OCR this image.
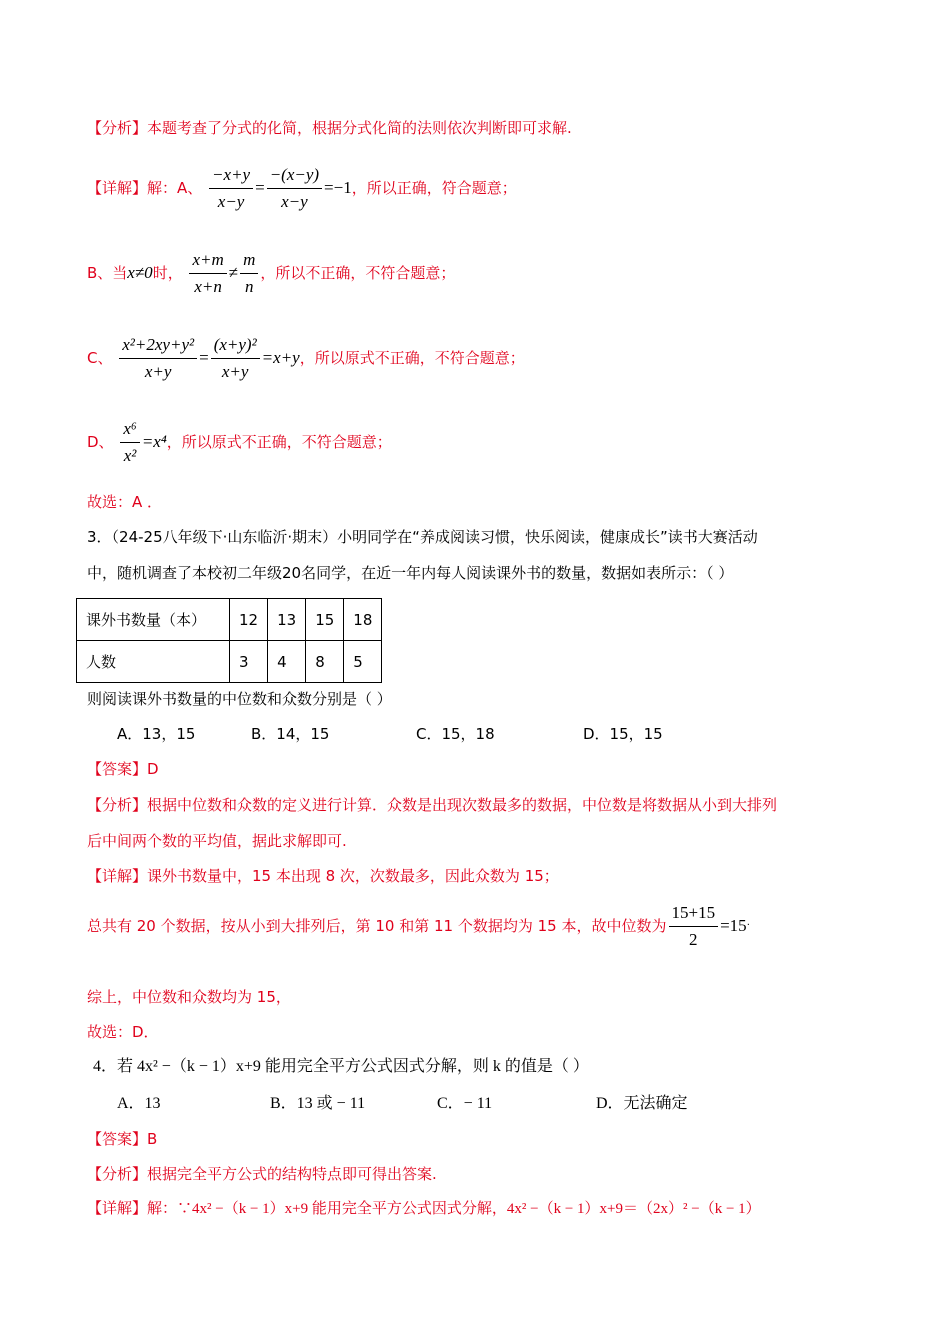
【分析】本题考查了分式的化简，根据分式化简的法则依次判断即可求解.
【详解】解：A、 $\frac{-x+y}{x-y} = \frac{-(x-y)}{x-y} =-1$，所以正确，符合题意；
B、当x≠0时， $\frac{x+m}{x+n} \ne \frac{m}{n}$ ，所以不正确，不符合题意；
C、 $\frac{\text{x²+2xy+y²}}{x+y} = \frac{\text{(x+y)²}}{x+y} =x+y$，所以原式不正确，不符合题意；
D、 $\frac{\text{x⁶}}{\text{x²}} =x^4$，所以原式不正确，不符合题意；
故选：A ．
3．（24-25八年级下·山东临沂·期末）小明同学在“养成阅读习惯，快乐阅读，健康成长”读书大赛活动
中，随机调查了本校初二年级20名同学，在近一年内每人阅读课外书的数量，数据如表所示：（ ）
课外书数量（本）	12	13	15	18
人数	3	4	8	5
则阅读课外书数量的中位数和众数分别是（ ）
A．13，15	B．14，15	C．15，18	D．15，15
【答案】D
【分析】根据中位数和众数的定义进行计算．众数是出现次数最多的数据，中位数是将数据从小到大排列
后中间两个数的平均值，据此求解即可.
【详解】课外书数量中，15 本出现 8 次，次数最多，因此众数为 15；
总共有 20 个数据，按从小到大排列后，第 10 和第 11 个数据均为 15 本，故中位数为 $\frac{15+15}{2} =15^.$
综上，中位数和众数均为 15，
故选：D．
4．若 4x² −（k − 1）x+9 能用完全平方公式因式分解，则 k 的值是（ ）
A．13	B．13 或 − 11	C．− 11	D．无法确定
【答案】B
【分析】根据完全平方公式的结构特点即可得出答案.
【详解】解：∵4x² −（k − 1）x+9 能用完全平方公式因式分解，4x² −（k − 1）x+9＝（2x）² −（k − 1）
